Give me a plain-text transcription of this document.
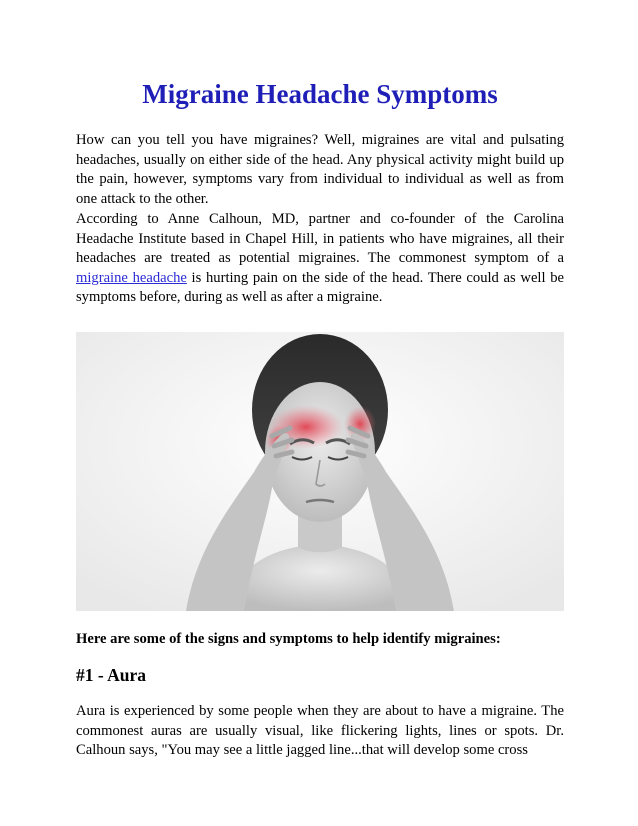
Migraine Headache Symptoms

How can you tell you have migraines? Well, migraines are vital and pulsating headaches, usually on either side of the head. Any physical activity might build up the pain, however, symptoms vary from individual to individual as well as from one attack to the other.

According to Anne Calhoun, MD, partner and co-founder of the Carolina Headache Institute based in Chapel Hill, in patients who have migraines, all their headaches are treated as potential migraines. The commonest symptom of a migraine headache is hurting pain on the side of the head. There could as well be symptoms before, during as well as after a migraine.

Here are some of the signs and symptoms to help identify migraines:

#1 - Aura

Aura is experienced by some people when they are about to have a migraine. The commonest auras are usually visual, like flickering lights, lines or spots. Dr. Calhoun says, "You may see a little jagged line...that will develop some cross
